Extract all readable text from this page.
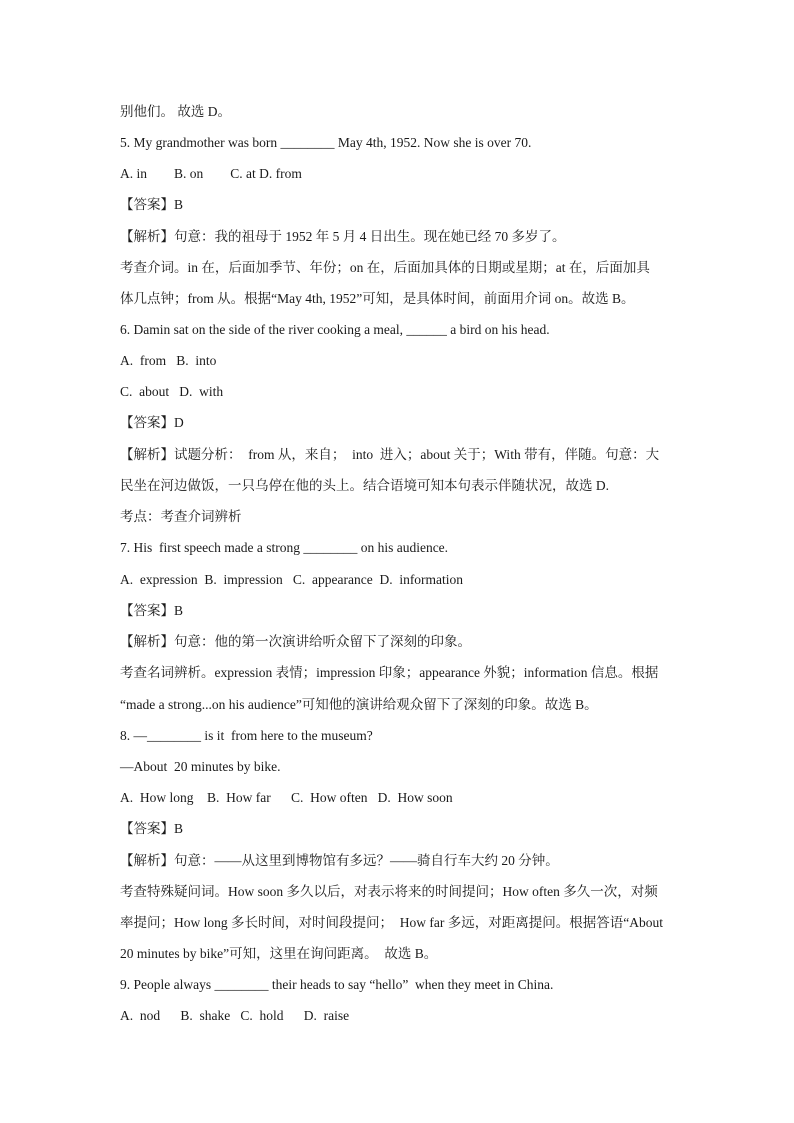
别他们。 故选 D。
5. My grandmother was born ________ May 4th, 1952. Now she is over 70.
A. in        B. on        C. at D. from
【答案】B
【解析】句意：我的祖母于 1952 年 5 月 4 日出生。现在她已经 70 多岁了。
考查介词。in 在，后面加季节、年份；on 在，后面加具体的日期或星期；at 在，后面加具
体几点钟；from 从。根据“May 4th, 1952”可知，是具体时间，前面用介词 on。故选 B。
6. Damin sat on the side of the river cooking a meal, ______ a bird on his head.
A.  from   B.  into
C.  about   D.  with
【答案】D
【解析】试题分析：  from 从，来自；  into  进入；about 关于；With 带有，伴随。句意：大
民坐在河边做饭，一只乌停在他的头上。结合语境可知本句表示伴随状况，故选 D.
考点：考查介词辨析
7. His  first speech made a strong ________ on his audience.
A.  expression  B.  impression   C.  appearance  D.  information
【答案】B
【解析】句意：他的第一次演讲给听众留下了深刻的印象。
考查名词辨析。expression 表情；impression 印象；appearance 外貌；information 信息。根据
“made a strong...on his audience”可知他的演讲给观众留下了深刻的印象。故选 B。
8. —________ is it  from here to the museum?
—About  20 minutes by bike.
A.  How long    B.  How far      C.  How often   D.  How soon
【答案】B
【解析】句意：——从这里到博物馆有多远？——骑自行车大约 20 分钟。
考查特殊疑问词。How soon 多久以后，对表示将来的时间提问；How often 多久一次，对频
率提问；How long 多长时间，对时间段提问；  How far 多远，对距离提问。根据答语“About
20 minutes by bike”可知，这里在询问距离。  故选 B。
9. People always ________ their heads to say “hello”  when they meet in China.
A.  nod      B.  shake   C.  hold      D.  raise
